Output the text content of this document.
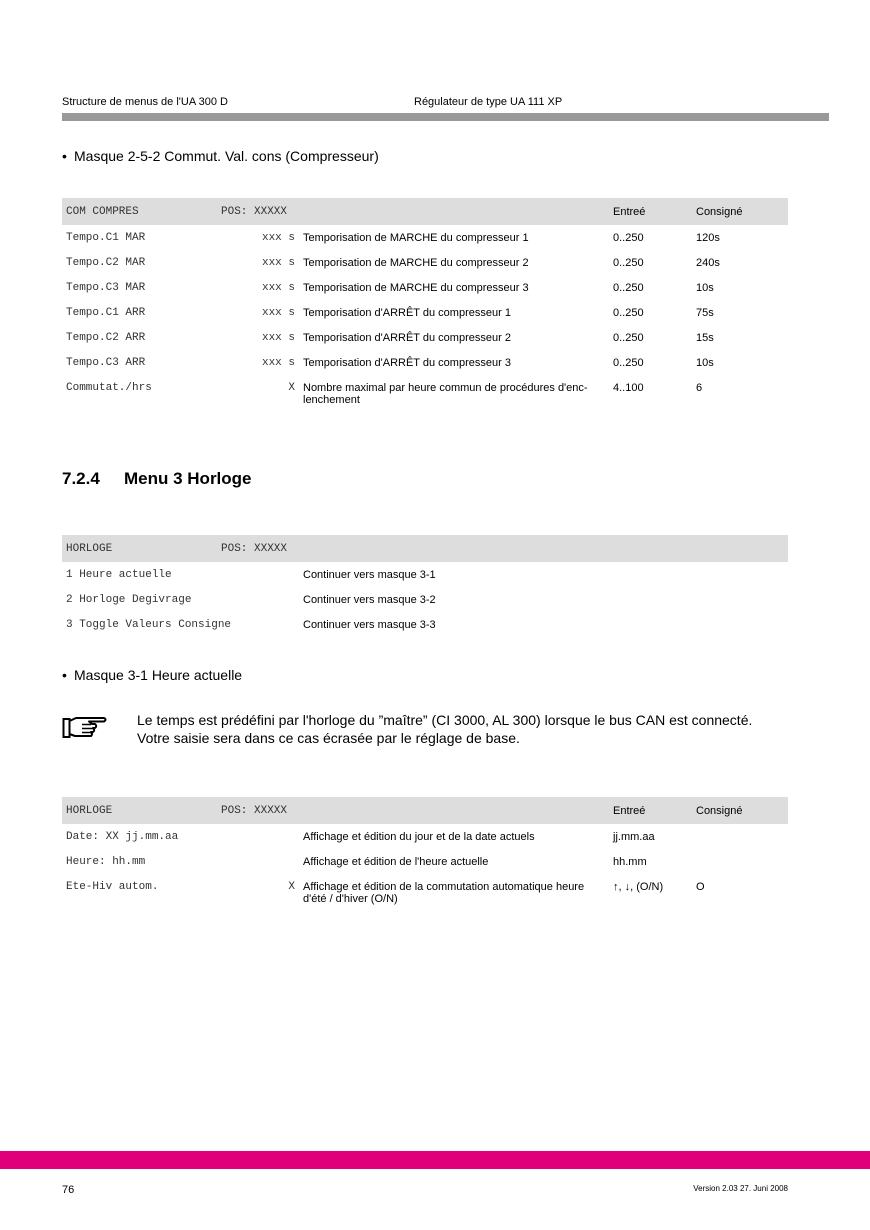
Structure de menus de l'UA 300 D	Régulateur de type UA 111 XP
• Masque 2-5-2 Commut. Val. cons (Compresseur)
COM COMPRES	POS: XXXXX		Entreé	Consigné
Tempo.C1 MAR	xxx s	Temporisation de MARCHE du compresseur 1	0..250	120s
Tempo.C2 MAR	xxx s	Temporisation de MARCHE du compresseur 2	0..250	240s
Tempo.C3 MAR	xxx s	Temporisation de MARCHE du compresseur 3	0..250	10s
Tempo.C1 ARR	xxx s	Temporisation d'ARRÊT du compresseur 1	0..250	75s
Tempo.C2 ARR	xxx s	Temporisation d'ARRÊT du compresseur 2	0..250	15s
Tempo.C3 ARR	xxx s	Temporisation d'ARRÊT du compresseur 3	0..250	10s
Commutat./hrs	X	Nombre maximal par heure commun de procédures d'enc-lenchement	4..100	6
7.2.4 Menu 3 Horloge
HORLOGE	POS: XXXXX	
1 Heure actuelle		Continuer vers masque 3-1
2 Horloge Degivrage		Continuer vers masque 3-2
3 Toggle Valeurs Consigne		Continuer vers masque 3-3
• Masque 3-1 Heure actuelle
Le temps est prédéfini par l'horloge du ”maître” (CI 3000, AL 300) lorsque le bus CAN est connecté.
Votre saisie sera dans ce cas écrasée par le réglage de base.
HORLOGE	POS: XXXXX		Entreé	Consigné
Date: XX jj.mm.aa		Affichage et édition du jour et de la date actuels	jj.mm.aa	
Heure: hh.mm		Affichage et édition de l'heure actuelle	hh.mm	
Ete-Hiv autom.	X	Affichage et édition de la commutation automatique heure d'été / d'hiver (O/N)	↑, ↓, (O/N)	O
76	Version 2.03 27. Juni 2008
